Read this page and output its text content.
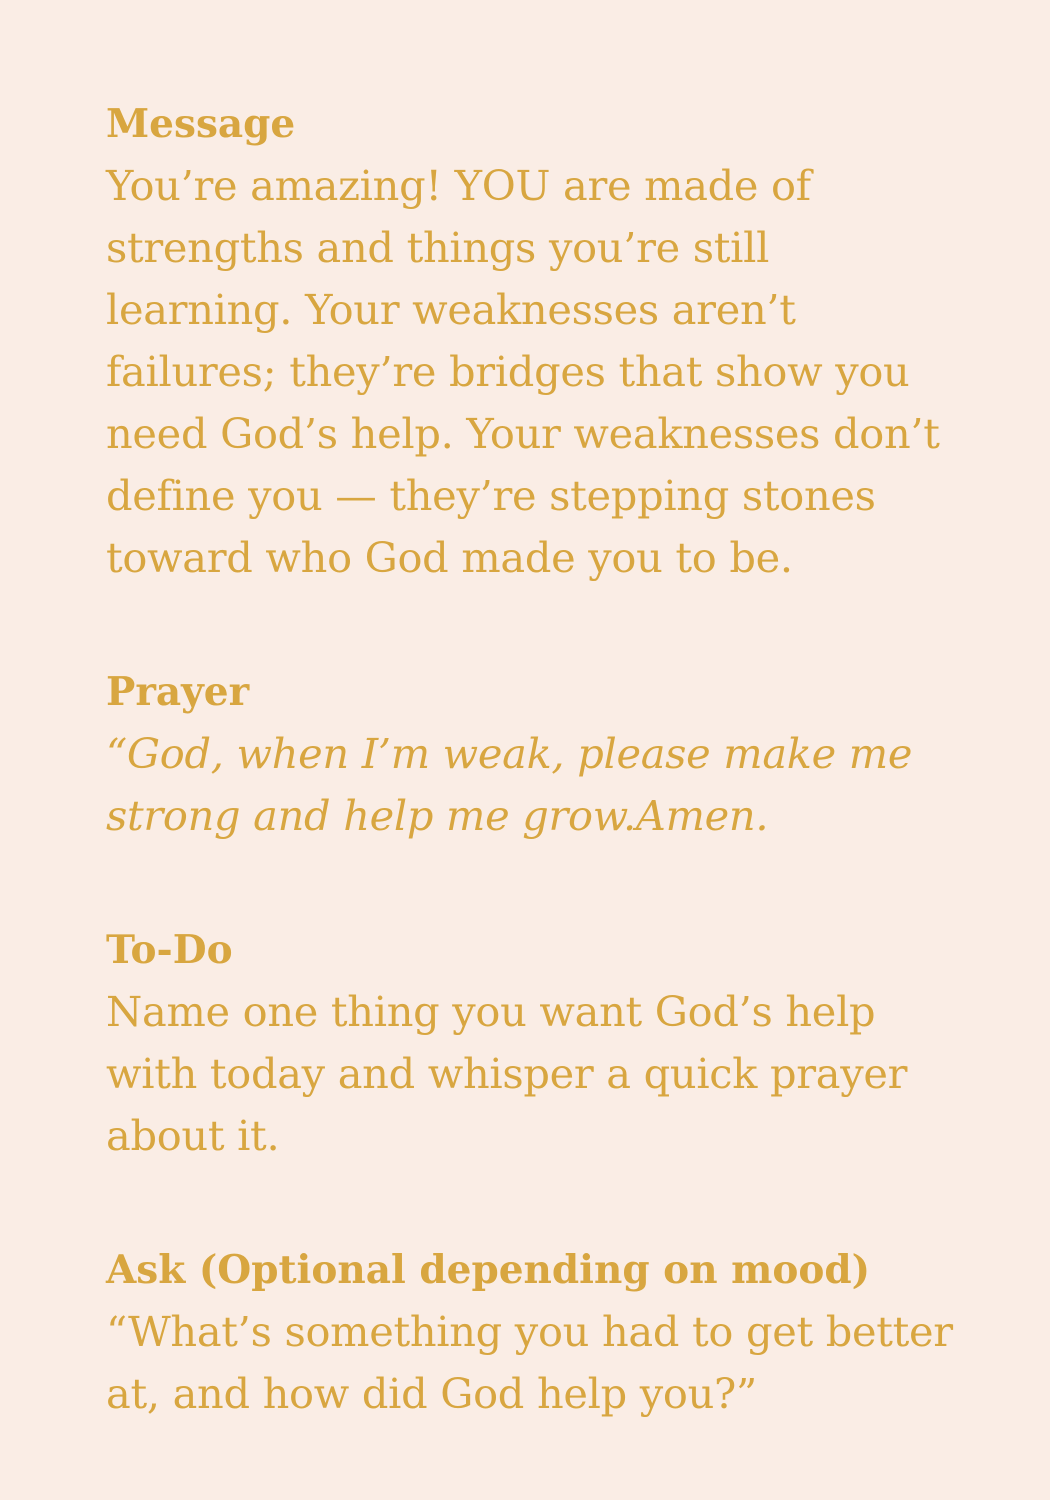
Message

You’re amazing! YOU are made of
strengths and things you’re still
learning. Your weaknesses aren’t
failures; they’re bridges that show you
need God’s help. Your weaknesses don’t
define you — they’re stepping stones
toward who God made you to be.

Prayer

“God, when I’m weak, please make me
strong and help me grow.Amen.

To-Do

Name one thing you want God’s help
with today and whisper a quick prayer
about it.

Ask (Optional depending on mood)

“What’s something you had to get better
at, and how did God help you?”
